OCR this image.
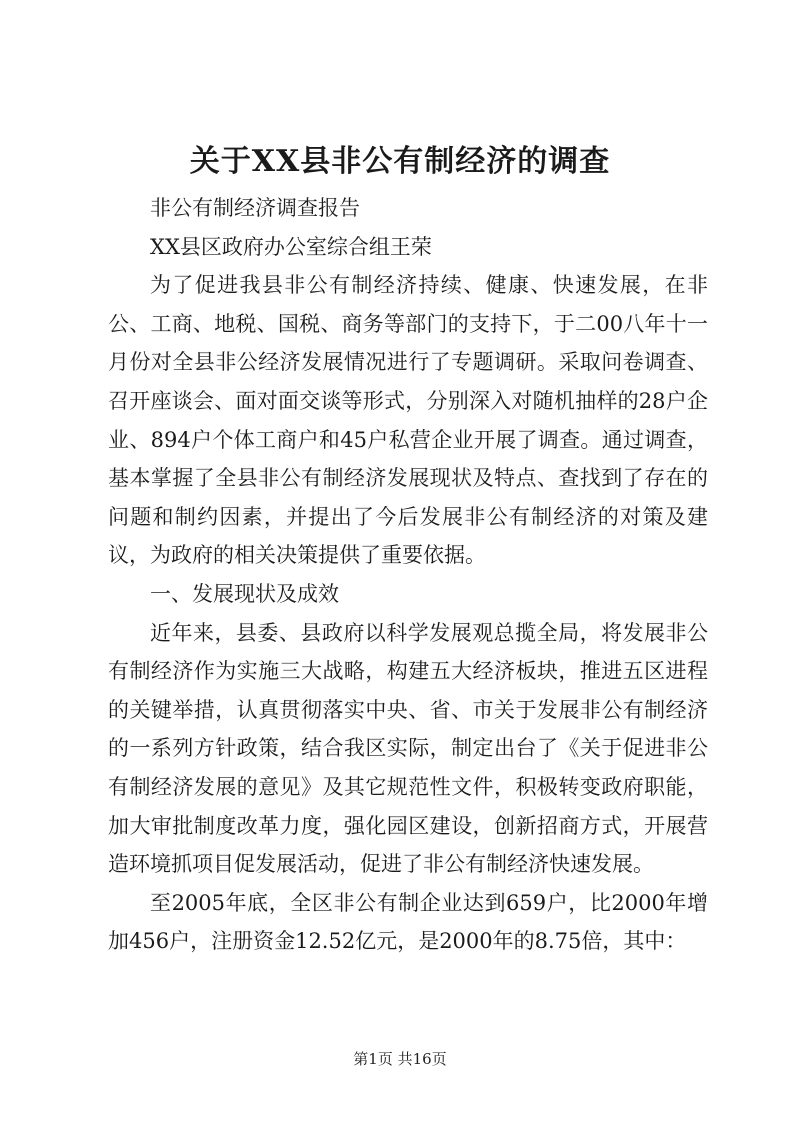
关于XX县非公有制经济的调查

非公有制经济调查报告

XX县区政府办公室综合组王荣

为了促进我县非公有制经济持续、健康、快速发展，在非公、工商、地税、国税、商务等部门的支持下，于二00八年十一月份对全县非公经济发展情况进行了专题调研。采取问卷调查、召开座谈会、面对面交谈等形式，分别深入对随机抽样的28户企业、894户个体工商户和45户私营企业开展了调查。通过调查，基本掌握了全县非公有制经济发展现状及特点、查找到了存在的问题和制约因素，并提出了今后发展非公有制经济的对策及建议，为政府的相关决策提供了重要依据。

一、发展现状及成效

近年来，县委、县政府以科学发展观总揽全局，将发展非公有制经济作为实施三大战略，构建五大经济板块，推进五区进程的关键举措，认真贯彻落实中央、省、市关于发展非公有制经济的一系列方针政策，结合我区实际，制定出台了《关于促进非公有制经济发展的意见》及其它规范性文件，积极转变政府职能，加大审批制度改革力度，强化园区建设，创新招商方式，开展营造环境抓项目促发展活动，促进了非公有制经济快速发展。

至2005年底，全区非公有制企业达到659户，比2000年增加456户，注册资金12.52亿元，是2000年的8.75倍，其中：

第1页 共16页
